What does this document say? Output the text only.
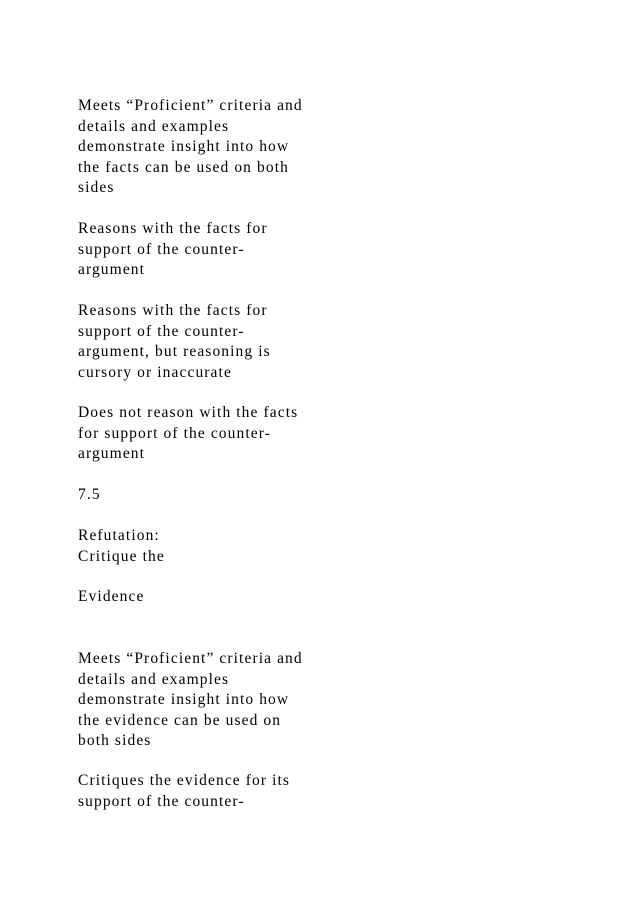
Meets “Proficient” criteria and
details and examples
demonstrate insight into how
the facts can be used on both
sides
Reasons with the facts for
support of the counter-
argument
Reasons with the facts for
support of the counter-
argument, but reasoning is
cursory or inaccurate
Does not reason with the facts
for support of the counter-
argument
7.5
Refutation:
Critique the
Evidence
Meets “Proficient” criteria and
details and examples
demonstrate insight into how
the evidence can be used on
both sides
Critiques the evidence for its
support of the counter-
